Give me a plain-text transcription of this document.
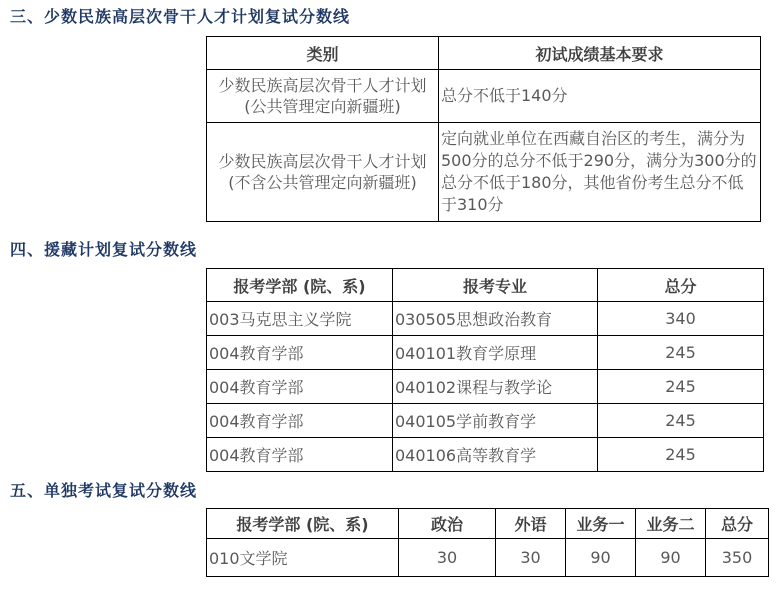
三、少数民族高层次骨干人才计划复试分数线
类别	初试成绩基本要求

少数民族高层次骨干人才计划
(公共管理定向新疆班)	总分不低于140分

少数民族高层次骨干人才计划
(不含公共管理定向新疆班)	定向就业单位在西藏自治区的考生，满分为500分的总分不低于290分，满分为300分的总分不低于180分，其他省份考生总分不低于310分
四、援藏计划复试分数线
报考学部 (院、系)	报考专业	总分
003马克思主义学院	030505思想政治教育	340
004教育学部	040101教育学原理	245
004教育学部	040102课程与教学论	245
004教育学部	040105学前教育学	245
004教育学部	040106高等教育学	245
五、单独考试复试分数线
报考学部 (院、系)	政治	外语	业务一	业务二	总分
010文学院	30	30	90	90	350
